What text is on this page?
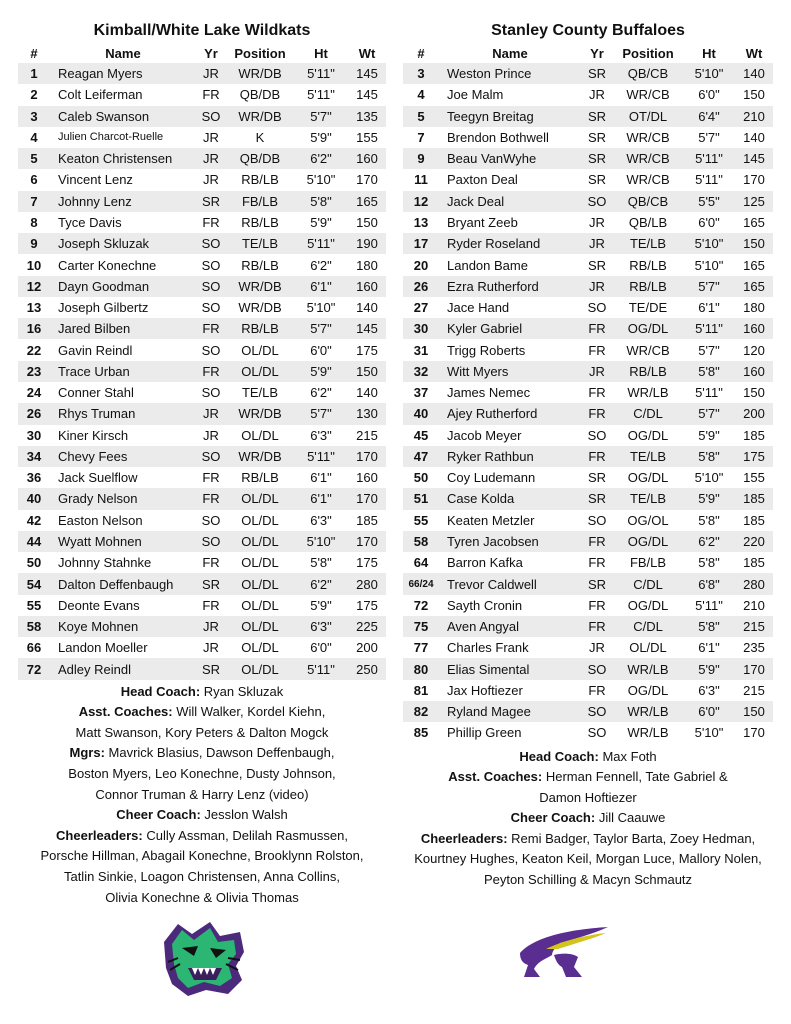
Kimball/White Lake Wildkats
#	Name	Yr	Position	Ht	Wt
1	Reagan Myers	JR	WR/DB	5'11"	145
2	Colt Leiferman	FR	QB/DB	5'11"	145
3	Caleb Swanson	SO	WR/DB	5'7"	135
4	Julien Charcot-Ruelle	JR	K	5'9"	155
5	Keaton Christensen	JR	QB/DB	6'2"	160
6	Vincent Lenz	JR	RB/LB	5'10"	170
7	Johnny Lenz	SR	FB/LB	5'8"	165
8	Tyce Davis	FR	RB/LB	5'9"	150
9	Joseph Skluzak	SO	TE/LB	5'11"	190
10	Carter Konechne	SO	RB/LB	6'2"	180
12	Dayn Goodman	SO	WR/DB	6'1"	160
13	Joseph Gilbertz	SO	WR/DB	5'10"	140
16	Jared Bilben	FR	RB/LB	5'7"	145
22	Gavin Reindl	SO	OL/DL	6'0"	175
23	Trace Urban	FR	OL/DL	5'9"	150
24	Conner Stahl	SO	TE/LB	6'2"	140
26	Rhys Truman	JR	WR/DB	5'7"	130
30	Kiner Kirsch	JR	OL/DL	6'3"	215
34	Chevy Fees	SO	WR/DB	5'11"	170
36	Jack Suelflow	FR	RB/LB	6'1"	160
40	Grady Nelson	FR	OL/DL	6'1"	170
42	Easton Nelson	SO	OL/DL	6'3"	185
44	Wyatt Mohnen	SO	OL/DL	5'10"	170
50	Johnny Stahnke	FR	OL/DL	5'8"	175
54	Dalton Deffenbaugh	SR	OL/DL	6'2"	280
55	Deonte Evans	FR	OL/DL	5'9"	175
58	Koye Mohnen	JR	OL/DL	6'3"	225
66	Landon Moeller	JR	OL/DL	6'0"	200
72	Adley Reindl	SR	OL/DL	5'11"	250
Head Coach: Ryan Skluzak
Asst. Coaches: Will Walker, Kordel Kiehn,
Matt Swanson, Kory Peters & Dalton Mogck
Mgrs: Mavrick Blasius, Dawson Deffenbaugh,
Boston Myers, Leo Konechne, Dusty Johnson,
Connor Truman & Harry Lenz (video)
Cheer Coach: Jesslon Walsh
Cheerleaders: Cully Assman, Delilah Rasmussen,
Porsche Hillman, Abagail Konechne, Brooklynn Rolston,
Tatlin Sinkie, Loagon Christensen, Anna Collins,
Olivia Konechne & Olivia Thomas
Stanley County Buffaloes
#	Name	Yr	Position	Ht	Wt
3	Weston Prince	SR	QB/CB	5'10"	140
4	Joe Malm	JR	WR/CB	6'0"	150
5	Teegyn Breitag	SR	OT/DL	6'4"	210
7	Brendon Bothwell	SR	WR/CB	5'7"	140
9	Beau VanWyhe	SR	WR/CB	5'11"	145
11	Paxton Deal	SR	WR/CB	5'11"	170
12	Jack Deal	SO	QB/CB	5'5"	125
13	Bryant Zeeb	JR	QB/LB	6'0"	165
17	Ryder Roseland	JR	TE/LB	5'10"	150
20	Landon Bame	SR	RB/LB	5'10"	165
26	Ezra Rutherford	JR	RB/LB	5'7"	165
27	Jace Hand	SO	TE/DE	6'1"	180
30	Kyler Gabriel	FR	OG/DL	5'11"	160
31	Trigg Roberts	FR	WR/CB	5'7"	120
32	Witt Myers	JR	RB/LB	5'8"	160
37	James Nemec	FR	WR/LB	5'11"	150
40	Ajey Rutherford	FR	C/DL	5'7"	200
45	Jacob Meyer	SO	OG/DL	5'9"	185
47	Ryker Rathbun	FR	TE/LB	5'8"	175
50	Coy Ludemann	SR	OG/DL	5'10"	155
51	Case Kolda	SR	TE/LB	5'9"	185
55	Keaten Metzler	SO	OG/OL	5'8"	185
58	Tyren Jacobsen	FR	OG/DL	6'2"	220
64	Barron Kafka	FR	FB/LB	5'8"	185
66/24	Trevor Caldwell	SR	C/DL	6'8"	280
72	Sayth Cronin	FR	OG/DL	5'11"	210
75	Aven Angyal	FR	C/DL	5'8"	215
77	Charles Frank	JR	OL/DL	6'1"	235
80	Elias Simental	SO	WR/LB	5'9"	170
81	Jax Hoftiezer	FR	OG/DL	6'3"	215
82	Ryland Magee	SO	WR/LB	6'0"	150
85	Phillip Green	SO	WR/LB	5'10"	170
Head Coach: Max Foth
Asst. Coaches: Herman Fennell, Tate Gabriel &
Damon Hoftiezer
Cheer Coach: Jill Caauwe
Cheerleaders: Remi Badger, Taylor Barta, Zoey Hedman,
Kourtney Hughes, Keaton Keil, Morgan Luce, Mallory Nolen,
Peyton Schilling & Macyn Schmautz
